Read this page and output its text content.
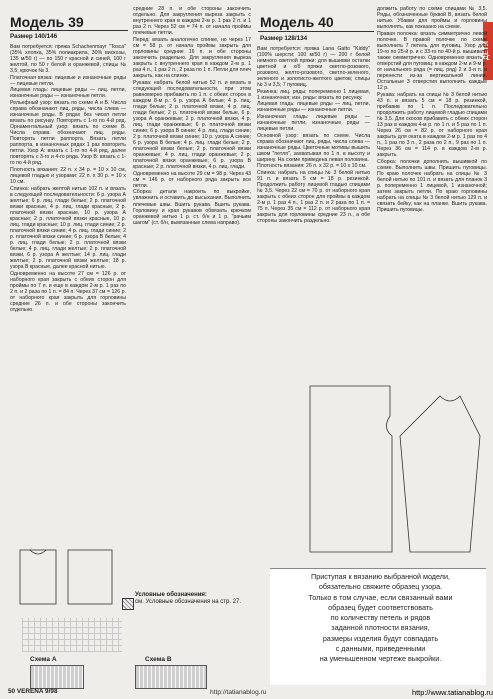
ДЕТИ
Модель 39
Размер 140/146

Вам потребуется: пряжа Schachenmayr "Tosca" (35% хлопка, 35% полиакрила, 30% вискозы, 135 м/50 г) — по 150 г красной и синей, 100 г желтой, по 50 г белой и оранжевой, спицы № 3,5; крючок № 3.

Платочная вязка: лицевые и изнаночные ряды — лицевые петли.

Лицевая гладь: лицевые ряды — лиц. петли, изнаночные ряды — изнаночные петли.

Рельефный узор: вязать по схеме А и В. Числа справа обозначают лиц. ряды, числа слева — изнаночные ряды. В рядах без чисел петли вязать по рисунку. Повторять с 1-го по 4-й ряд. Орнаментальный узор: вязать по схеме В. Числа справа обозначают лиц. ряды. Повторять петли раппорта. Вязать петли раппорта, в изнаночных рядах 1 раз повторить петли. Узор А: вязать с 1-го по 4-й ряд, далее повторять с 3-го и 4-го ряда. Узор В: вязать с 1-го по 4-й ряд.

Плотность вязания: 22 п. х 34 р. = 10 х 10 см, лицевой гладью и узорами: 22 п. х 30 р. = 10 х 10 см.

Спинка: набрать желтой нитью 102 п. и вязать в следующей последовательности: 6 р. узора А желтые; 6 р. лиц. глади белые; 2 р. платочной вязки красные, 4 р. лиц. глади красные, 2 р. платочной вязки красные, 10 р. узора А красные; 2 р. платочной вязки красные, 10 р. лиц. глади красные; 10 р. лиц. глади синие; 2 р. платочной вязки синие; 4 р. лиц. глади синие; 2 р. платочной вязки синие; 6 р. узора В белые; 4 р. лиц. глади белые; 2 р. платочной вязки белые; 4 р. лиц. глади желтые; 2 р. платочной вязки, 6 р. узора А желтые; 14 р. лиц. глади желтые; 2 р. платочной вязки желтые; 18 р. узора В красные, далее красной нитью.

Одновременно на высоте 27 см = 126 р. от наборного края закрыть с обеих сторон для проймы по 7 п. и еще в каждом 2-м р. 1 раз по 2 п. и 2 раза по 1 п. = 84 п. Через 37 см = 126 р. от наборного края закрыть для горловины средние 26 п. и обе стороны закончить отдельно.

средние 28 п. и обе стороны закончить отдельно. Для закругления выреза закрыть с внутреннего края в каждом 2-м р. 1 раз 2 п. и 1 раз 2 п. Через 52 см = 74 п. от начала проймы плечевые петли.

Перед: вязать аналогично спинке, но через 17 см = 58 р. от начала проймы закрыть для горловины средние 16 п. и обе стороны закончить раздельно. Для закругления выреза закрыть с внутреннего края в каждом 2-м р. 1 раз 4 п., 1 раз 2 п., 2 раза по 1 п. Петли для плеч закрыть, как на спинке.

Рукава: набрать белой нитью 52 п. и вязать в следующей последовательности, при этом равномерно прибавить по 1 п. с обеих сторон в каждом 8-м р.: 6 р. узора А белые; 4 р. лиц. глади белые; 2 р. платочной вязки, 4 р. лиц. глади белые; 2 р. платочной вязки белые, 6 р. узора А оранжевые; 2 р. платочной вязки, 4 р. лиц. глади оранжевые; 6 р. платочной вязки синие; 6 р. узора В синие; 4 р. лиц. глади синие; 2 р. платочной вязки синие; 10 р. узора А синие; 6 р. узора В белые; 4 р. лиц. глади белые; 2 р. платочной вязки белые; 2 р. платочной вязки оранжевые; 4 р. лиц. глади оранжевые; 2 р. платочной вязки оранжевые; 6 р. узора В красные; 2 р. платочной вязки, 4 р. лиц. глади.

Одновременно на высоте 29 см = 98 р. Через 43 см = 146 р. от наборного ряда закрыть все петли.

Сборка: детали накроить по выкройке, увлажнить и оставить до высыхания. Выполнить плечевые швы. Вшить рукава. Вшить рукава. Горловину и края рукавов обвязать крючком оранжевой нитью 1 р. ст. б/н и 1 р. "рачьим шагом" (ст. б/н, вывязанные слева направо).

Условные обозначения:
см. Условные обозначения на стр. 27.
Схема А	Схема В
Модель 40
Размер 128/134

Вам потребуется: пряжа Lana Gatto "Kiddy" (100% шерсти; 100 м/50 г) — 200 г белой немного светлой пряжи: для вышивки остатки цветной и х/б пряжи светло-розового, розового, желто-розового, светло-зеленого, зеленого и золотисто-желтого цветов; спицы № 3 и 3,5; 7 пуговиц.

Резинка: лиц. ряды: попеременно 1 лицевая, 1 изнаночная; изн. ряды: вязать по рисунку.

Лицевая гладь: лицевые ряды — лиц. петли, изнаночные ряды — изнаночные петли.

Изнаночная гладь: лицевые ряды — изнаночные петли, изнаночные ряды — лицевые петли.

Основной узор: вязать по схеме. Числа справа обозначают лиц. ряды, числа слева — изнаночные ряды. Цветочные мотивы вышить швом "петля", захватывая по 1 п. в высоту и ширину. На схеме приведена левая половина.

Плотность вязания: 26 п. х 32 р. = 10 х 10 см.

Спинка: набрать на спицы № 3 белой нитью 91 п. и вязать 5 см = 18 р. резинкой. Продолжить работу лицевой гладью спицами № 3,5. Через 22 см = 70 р. от наборного края закрыть с обеих сторон для проймы в каждом 2-м р. 1 раз 4 п., 1 раз 2 п. и 2 раза по 1 п. = 75 п. Через 35 см = 112 р. от наборного края закрыть для горловины средние 23 п., а обе стороны закончить раздельно.

должить работу по схеме спицами № 3,5. Ряды, обозначенные буквой В, вязать белой нитью. Убавки для проймы и горловины выполнять, как показано на схеме.

Правая полочка: вязать симметрично левой полочке. В правой полочке по схеме выполнить 7 петель для пуговиц. Узор для 19-го по 25-й р. и с 33-го по 40-й р. вышивать также симметрично. Одновременно вязать 7 отверстий для пуговиц: в каждом 2-м и 9-м р. от начального ряда (= лиц. ряд) 2 и 3-я п. и перенести из-за вертикальной линии. Остальные 3 отверстия выполнить каждые 12 р.

Рукава: набрать на спицы № 3 белой нитью 43 п. и вязать 5 см = 18 р. резинкой, прибавив по 1 п. Последовательно продолжить работу лицевой гладью спицами № 3,5. Для скосов прибавить с обеих сторон 13 раз в каждом 4-м р. по 1 п. и 5 раз по 1 п. Через 26 см = 82 р. от наборного края закрыть для оката в каждом 2-м р. 1 раз по 4 п., 1 раз по 3 п., 2 раза по 2 п., 9 раз по 1 п. Через 36 см = 114 р. в каждом 2-м р. закрыть.

Сборка: полочки дополнить вышивкой по схеме. Выполнить швы. Пришить пуговицы. По краю полочек набрать на спицы № 3 белой нитью по 101 п. и вязать для планок 3 р. попеременно 1 лицевой, 1 изнаночной; затем закрыть петли. По краю горловины набрать на спицы № 3 белой нитью 129 п. и связать бейку, как на планке. Вшить рукава. Пришить пуговицы.

Приступая к вязанию выбранной модели,
обязательно свяжите образец узора.
Только в том случае, если связанный вами
образец будет соответствовать
по количеству петель и рядов
заданной плотности вязания,
размеры изделия будут совпадать
с данными, приведенными
на уменьшенном чертеже выкройки.
50 VERENA 9/98	http://tatianablog.ru	http://www.tatianablog.ru
